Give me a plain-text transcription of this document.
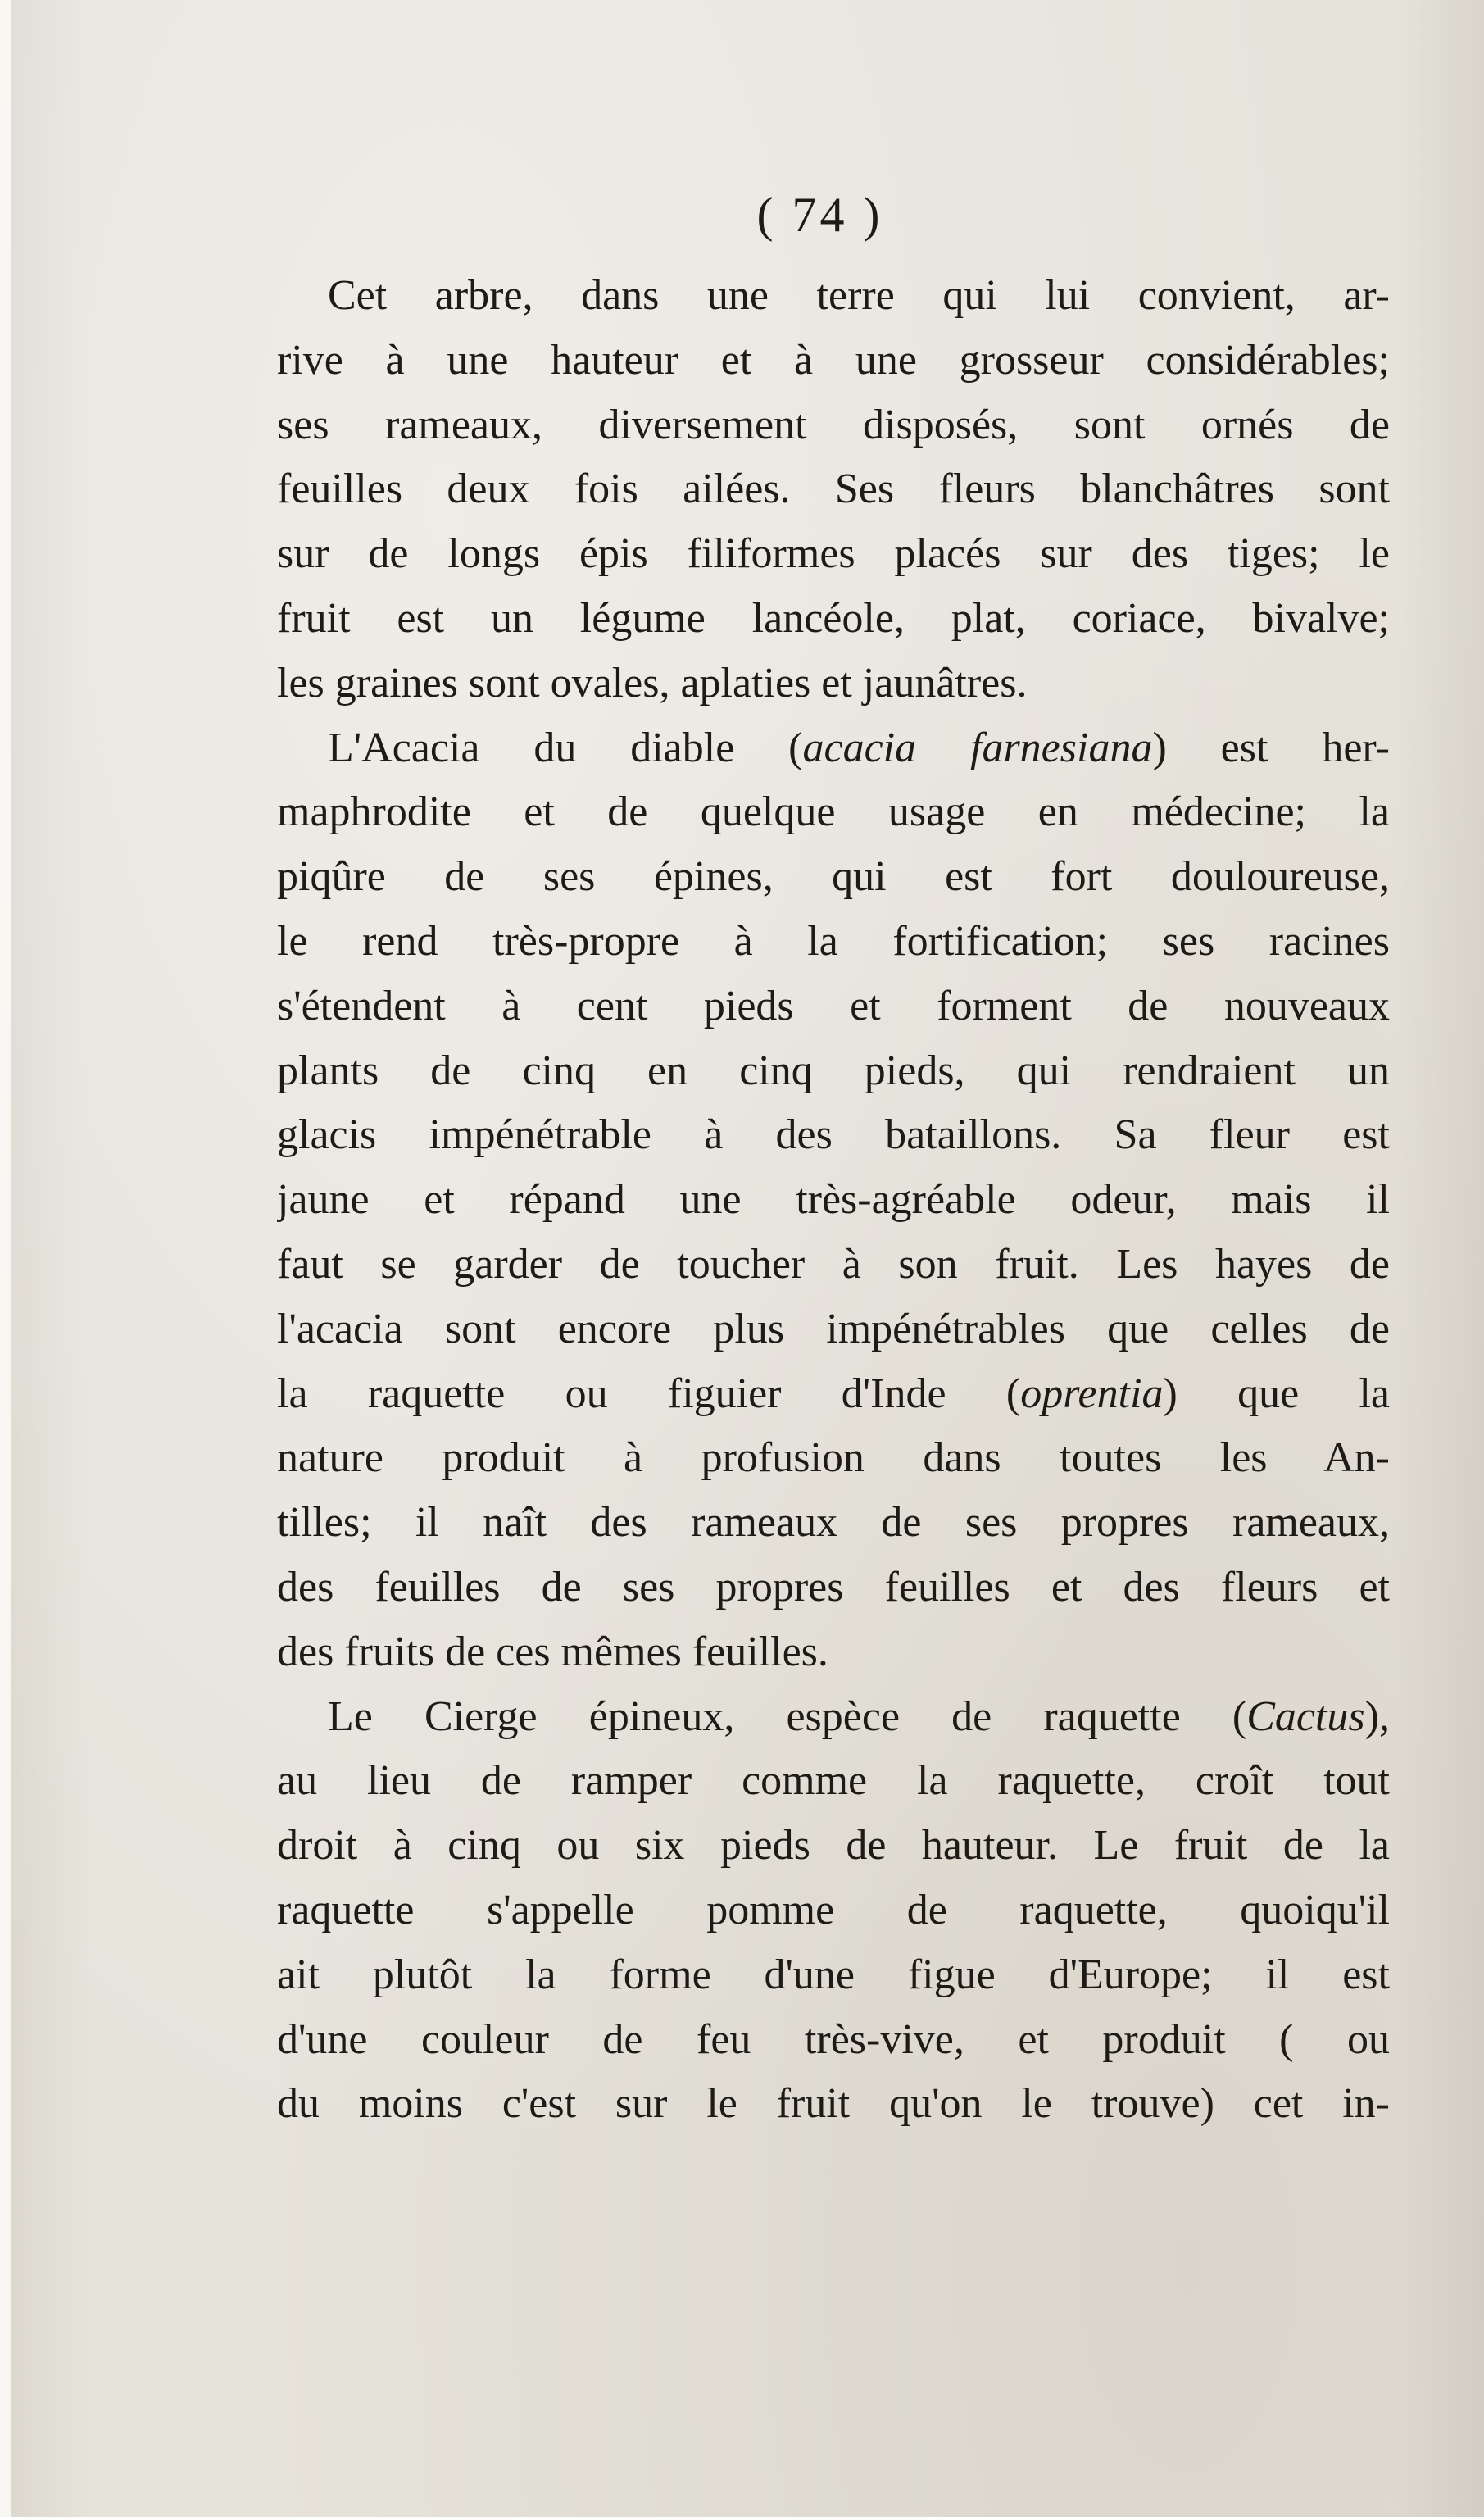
( 74 )
Cet arbre, dans une terre qui lui convient, ar-
rive à une hauteur et à une grosseur considérables;
ses rameaux, diversement disposés, sont ornés de
feuilles deux fois ailées. Ses fleurs blanchâtres sont
sur de longs épis filiformes placés sur des tiges; le
fruit est un légume lancéole, plat, coriace, bivalve;
les graines sont ovales, aplaties et jaunâtres.
L'Acacia du diable (acacia farnesiana) est her-
maphrodite et de quelque usage en médecine; la
piqûre de ses épines, qui est fort douloureuse,
le rend très-propre à la fortification; ses racines
s'étendent à cent pieds et forment de nouveaux
plants de cinq en cinq pieds, qui rendraient un
glacis impénétrable à des bataillons. Sa fleur est
jaune et répand une très-agréable odeur, mais il
faut se garder de toucher à son fruit. Les hayes de
l'acacia sont encore plus impénétrables que celles de
la raquette ou figuier d'Inde (oprentia) que la
nature produit à profusion dans toutes les An-
tilles; il naît des rameaux de ses propres rameaux,
des feuilles de ses propres feuilles et des fleurs et
des fruits de ces mêmes feuilles.
Le Cierge épineux, espèce de raquette (Cactus),
au lieu de ramper comme la raquette, croît tout
droit à cinq ou six pieds de hauteur. Le fruit de la
raquette s'appelle pomme de raquette, quoiqu'il
ait plutôt la forme d'une figue d'Europe; il est
d'une couleur de feu très-vive, et produit ( ou
du moins c'est sur le fruit qu'on le trouve) cet in-
